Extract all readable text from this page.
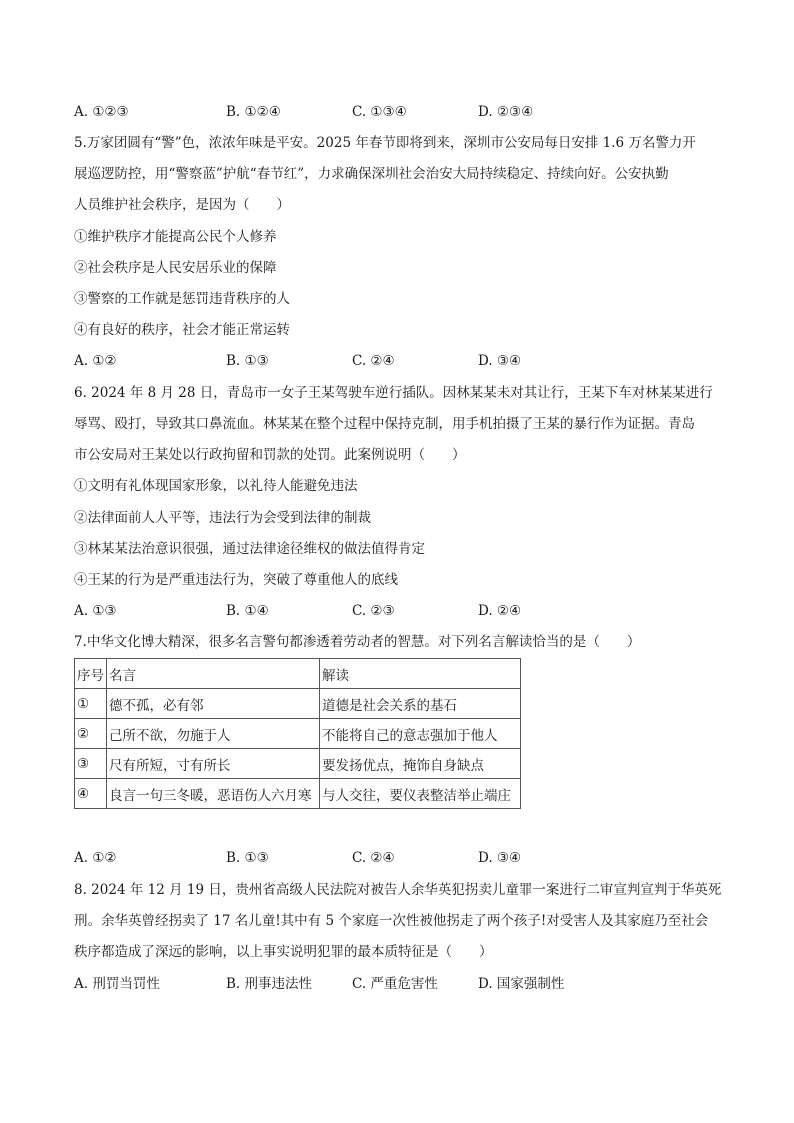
A. ①②③	B. ①②④	C. ①③④	D. ②③④
5.万家团圆有“警”色，浓浓年味是平安。2025 年春节即将到来，深圳市公安局每日安排 1.6 万名警力开
展巡逻防控，用“警察蓝”护航“春节红”，力求确保深圳社会治安大局持续稳定、持续向好。公安执勤
人员维护社会秩序，是因为（　　）
①维护秩序才能提高公民个人修养
②社会秩序是人民安居乐业的保障
③警察的工作就是惩罚违背秩序的人
④有良好的秩序，社会才能正常运转
A. ①②	B. ①③	C. ②④	D. ③④
6. 2024 年 8 月 28 日，青岛市一女子王某驾驶车逆行插队。因林某某未对其让行，王某下车对林某某进行
辱骂、殴打，导致其口鼻流血。林某某在整个过程中保持克制，用手机拍摄了王某的暴行作为证据。青岛
市公安局对王某处以行政拘留和罚款的处罚。此案例说明（　　）
①文明有礼体现国家形象，以礼待人能避免违法
②法律面前人人平等，违法行为会受到法律的制裁
③林某某法治意识很强，通过法律途径维权的做法值得肯定
④王某的行为是严重违法行为，突破了尊重他人的底线
A. ①③	B. ①④	C. ②③	D. ②④
7.中华文化博大精深，很多名言警句都渗透着劳动者的智慧。对下列名言解读恰当的是（　　）
序号	名言	解读
①	德不孤，必有邻	道德是社会关系的基石
②	己所不欲，勿施于人	不能将自己的意志强加于他人
③	尺有所短，寸有所长	要发扬优点，掩饰自身缺点
④	良言一句三冬暖，恶语伤人六月寒	与人交往，要仪表整洁举止端庄
A. ①②	B. ①③	C. ②④	D. ③④
8. 2024 年 12 月 19 日，贵州省高级人民法院对被告人余华英犯拐卖儿童罪一案进行二审宣判宣判于华英死
刑。余华英曾经拐卖了 17 名儿童!其中有 5 个家庭一次性被他拐走了两个孩子!对受害人及其家庭乃至社会
秩序都造成了深远的影响，以上事实说明犯罪的最本质特征是（　　）
A. 刑罚当罚性	B. 刑事违法性	C. 严重危害性	D. 国家强制性
